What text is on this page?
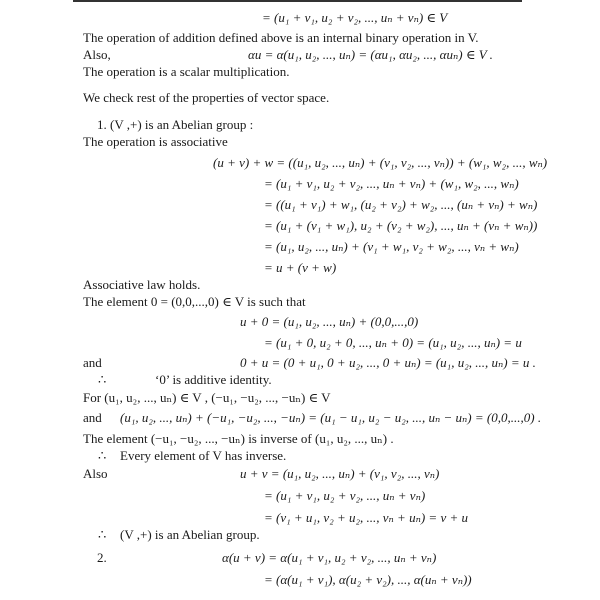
= (u₁ + v₁, u₂ + v₂, ..., uₙ + vₙ) ∈ V
The operation of addition defined above is an internal binary operation in V.
Also,	αu = α(u₁, u₂, ..., uₙ) = (αu₁, αu₂, ..., αuₙ) ∈ V .
The operation is a scalar multiplication.
We check rest of the properties of vector space.
1. (V ,+) is an Abelian group :
The operation is associative
(u + v) + w = ((u₁, u₂, ..., uₙ) + (v₁, v₂, ..., vₙ)) + (w₁, w₂, ..., wₙ)
= (u₁ + v₁, u₂ + v₂, ..., uₙ + vₙ) + (w₁, w₂, ..., wₙ)
= ((u₁ + v₁) + w₁, (u₂ + v₂) + w₂, ..., (uₙ + vₙ) + wₙ)
= (u₁ + (v₁ + w₁), u₂ + (v₂ + w₂), ..., uₙ + (vₙ + wₙ))
= (u₁, u₂, ..., uₙ) + (v₁ + w₁, v₂ + w₂, ..., vₙ + wₙ)
= u + (v + w)
Associative law holds.
The element 0 = (0,0,...,0) ∈ V is such that
u + 0 = (u₁, u₂, ..., uₙ) + (0,0,...,0)
= (u₁ + 0, u₂ + 0, ..., uₙ + 0) = (u₁, u₂, ..., uₙ) = u
and	0 + u = (0 + u₁, 0 + u₂, ..., 0 + uₙ) = (u₁, u₂, ..., uₙ) = u .
∴	‘0’ is additive identity.
For (u₁, u₂, ..., uₙ) ∈ V , (−u₁, −u₂, ..., −uₙ) ∈ V
and (u₁, u₂, ..., uₙ) + (−u₁, −u₂, ..., −uₙ) = (u₁ − u₁, u₂ − u₂, ..., uₙ − uₙ) = (0,0,...,0) .
The element (−u₁, −u₂, ..., −uₙ) is inverse of (u₁, u₂, ..., uₙ) .
∴ Every element of V has inverse.
Also	u + v = (u₁, u₂, ..., uₙ) + (v₁, v₂, ..., vₙ)
= (u₁ + v₁, u₂ + v₂, ..., uₙ + vₙ)
= (v₁ + u₁, v₂ + u₂, ..., vₙ + uₙ) = v + u
∴ (V ,+) is an Abelian group.
2.	α(u + v) = α(u₁ + v₁, u₂ + v₂, ..., uₙ + vₙ)
= (α(u₁ + v₁), α(u₂ + v₂), ..., α(uₙ + vₙ))
